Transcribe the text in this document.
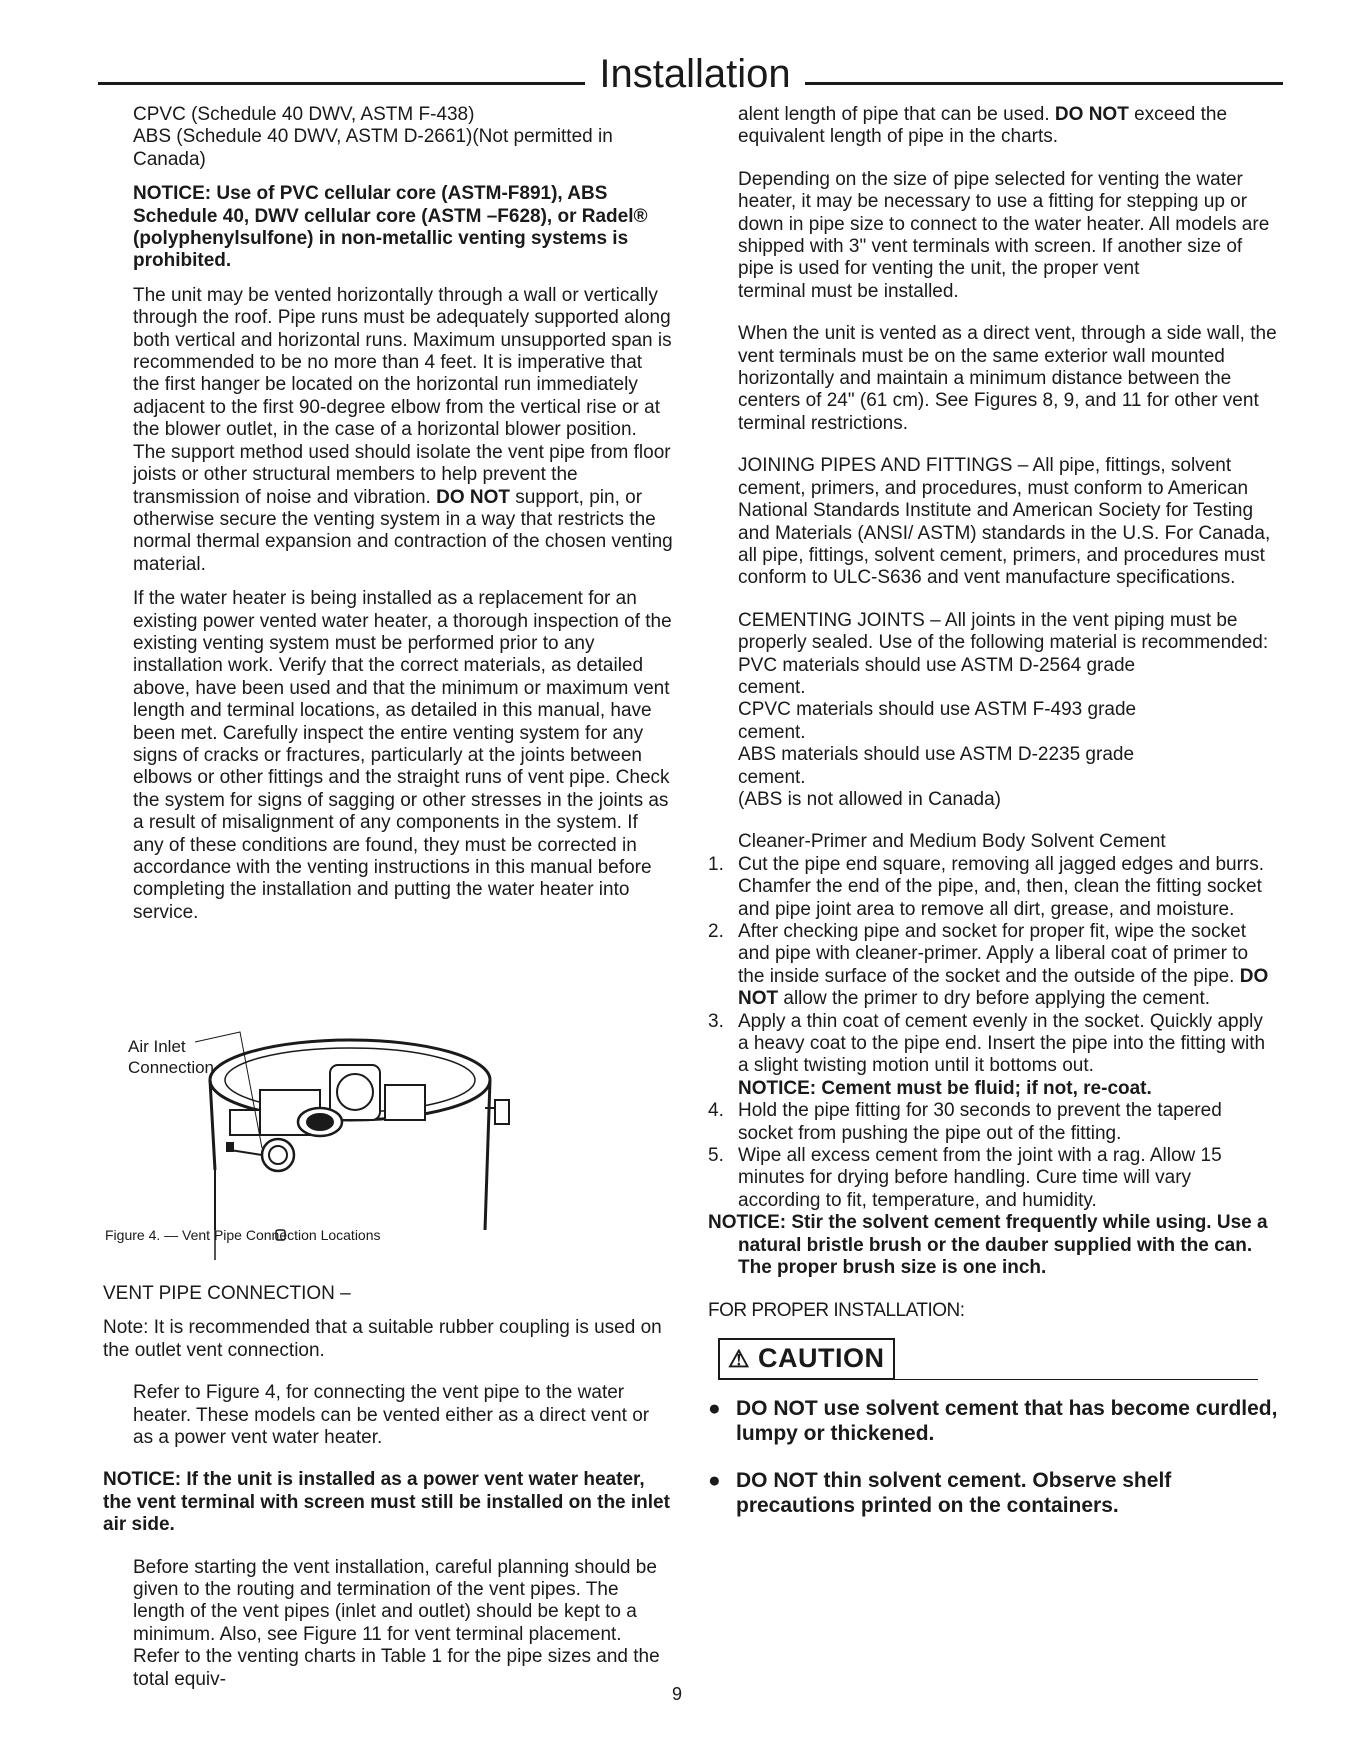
Installation

CPVC (Schedule 40 DWV, ASTM F-438)

ABS (Schedule 40 DWV, ASTM D-2661)(Not permitted in Canada)

NOTICE: Use of PVC cellular core (ASTM-F891), ABS Schedule 40, DWV cellular core (ASTM –F628), or Radel® (polyphenylsulfone) in non-metallic venting systems is prohibited.

The unit may be vented horizontally through a wall or vertically through the roof. Pipe runs must be adequately supported along both vertical and horizontal runs. Maximum unsupported span is recommended to be no more than 4 feet. It is imperative that the first hanger be located on the horizontal run immediately adjacent to the first 90-degree elbow from the vertical rise or at the blower outlet, in the case of a horizontal blower position. The support method used should isolate the vent pipe from floor joists or other structural members to help prevent the transmission of noise and vibration. DO NOT support, pin, or otherwise secure the venting system in a way that restricts the normal thermal expansion and contraction of the chosen venting material.

If the water heater is being installed as a replacement for an existing power vented water heater, a thorough inspection of the existing venting system must be performed prior to any installation work. Verify that the correct materials, as detailed above, have been used and that the minimum or maximum vent length and terminal locations, as detailed in this manual, have been met. Carefully inspect the entire venting system for any signs of cracks or fractures, particularly at the joints between elbows or other fittings and the straight runs of vent pipe. Check the system for signs of sagging or other stresses in the joints as a result of misalignment of any components in the system. If any of these conditions are found, they must be corrected in accordance with the venting instructions in this manual before completing the installation and putting the water heater into service.

Air Inlet
Connection
Figure 4. — Vent Pipe Connection Locations

VENT PIPE CONNECTION –

Note: It is recommended that a suitable rubber coupling is used on the outlet vent connection.

Refer to Figure 4, for connecting the vent pipe to the water heater. These models can be vented either as a direct vent or as a power vent water heater.

NOTICE: If the unit is installed as a power vent water heater, the vent terminal with screen must still be installed on the inlet air side.

Before starting the vent installation, careful planning should be given to the routing and termination of the vent pipes. The length of the vent pipes (inlet and outlet) should be kept to a minimum. Also, see Figure 11 for vent terminal placement. Refer to the venting charts in Table 1 for the pipe sizes and the total equiv-

alent length of pipe that can be used. DO NOT exceed the equivalent length of pipe in the charts.

Depending on the size of pipe selected for venting the water heater, it may be necessary to use a fitting for stepping up or down in pipe size to connect to the water heater. All models are shipped with 3" vent terminals with screen. If another size of pipe is used for venting the unit, the proper vent

terminal must be installed.

When the unit is vented as a direct vent, through a side wall, the vent terminals must be on the same exterior wall mounted horizontally and maintain a minimum distance between the centers of 24" (61 cm). See Figures 8, 9, and 11 for other vent terminal restrictions.

JOINING PIPES AND FITTINGS – All pipe, fittings, solvent cement, primers, and procedures, must conform to American National Standards Institute and American Society for Testing and Materials (ANSI/ ASTM) standards in the U.S. For Canada, all pipe, fittings, solvent cement, primers, and procedures must conform to ULC-S636 and vent manufacture specifications.

CEMENTING JOINTS – All joints in the vent piping must be properly sealed. Use of the following material is recommended:

PVC materials should use ASTM D-2564 grade

cement.

CPVC materials should use ASTM F-493 grade

cement.

ABS materials should use ASTM D-2235 grade

cement.

(ABS is not allowed in Canada)

Cleaner-Primer and Medium Body Solvent Cement

1. Cut the pipe end square, removing all jagged edges and burrs. Chamfer the end of the pipe, and, then, clean the fitting socket and pipe joint area to remove all dirt, grease, and moisture.
2. After checking pipe and socket for proper fit, wipe the socket and pipe with cleaner-primer. Apply a liberal coat of primer to the inside surface of the socket and the outside of the pipe. DO NOT allow the primer to dry before applying the cement.
3. Apply a thin coat of cement evenly in the socket. Quickly apply a heavy coat to the pipe end. Insert the pipe into the fitting with a slight twisting motion until it bottoms out.
NOTICE: Cement must be fluid; if not, re-coat.
4. Hold the pipe fitting for 30 seconds to prevent the tapered socket from pushing the pipe out of the fitting.
5. Wipe all excess cement from the joint with a rag. Allow 15 minutes for drying before handling. Cure time will vary according to fit, temperature, and humidity.

NOTICE: Stir the solvent cement frequently while using. Use a natural bristle brush or the dauber supplied with the can. The proper brush size is one inch.

FOR PROPER INSTALLATION:

⚠ CAUTION
● DO NOT use solvent cement that has become curdled, lumpy or thickened.
● DO NOT thin solvent cement. Observe shelf precautions printed on the containers.
9
